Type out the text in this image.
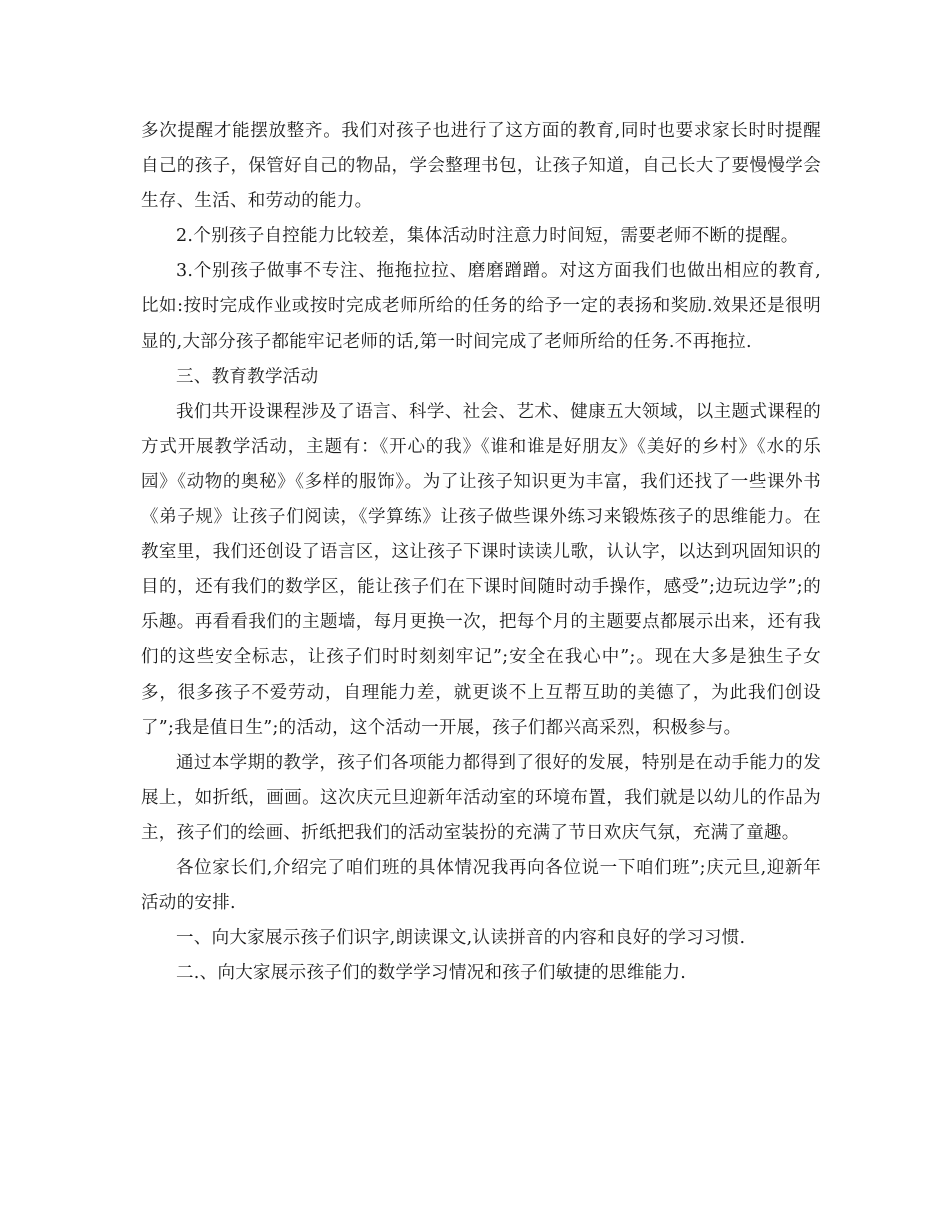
多次提醒才能摆放整齐。我们对孩子也进行了这方面的教育,同时也要求家长时时提醒自己的孩子，保管好自己的物品，学会整理书包，让孩子知道，自己长大了要慢慢学会生存、生活、和劳动的能力。

2.个别孩子自控能力比较差，集体活动时注意力时间短，需要老师不断的提醒。

3.个别孩子做事不专注、拖拖拉拉、磨磨蹭蹭。对这方面我们也做出相应的教育,比如:按时完成作业或按时完成老师所给的任务的给予一定的表扬和奖励.效果还是很明显的,大部分孩子都能牢记老师的话,第一时间完成了老师所给的任务.不再拖拉.

三、教育教学活动

我们共开设课程涉及了语言、科学、社会、艺术、健康五大领域，以主题式课程的方式开展教学活动，主题有：《开心的我》《谁和谁是好朋友》《美好的乡村》《水的乐园》《动物的奥秘》《多样的服饰》。为了让孩子知识更为丰富，我们还找了一些课外书《弟子规》让孩子们阅读，《学算练》让孩子做些课外练习来锻炼孩子的思维能力。在教室里，我们还创设了语言区，这让孩子下课时读读儿歌，认认字，以达到巩固知识的目的，还有我们的数学区，能让孩子们在下课时间随时动手操作，感受”;边玩边学”;的乐趣。再看看我们的主题墙，每月更换一次，把每个月的主题要点都展示出来，还有我们的这些安全标志，让孩子们时时刻刻牢记”;安全在我心中”;。现在大多是独生子女多，很多孩子不爱劳动，自理能力差，就更谈不上互帮互助的美德了，为此我们创设了”;我是值日生”;的活动，这个活动一开展，孩子们都兴高采烈，积极参与。

通过本学期的教学，孩子们各项能力都得到了很好的发展，特别是在动手能力的发展上，如折纸，画画。这次庆元旦迎新年活动室的环境布置，我们就是以幼儿的作品为主，孩子们的绘画、折纸把我们的活动室装扮的充满了节日欢庆气氛，充满了童趣。

各位家长们,介绍完了咱们班的具体情况我再向各位说一下咱们班”;庆元旦,迎新年活动的安排.

一、向大家展示孩子们识字,朗读课文,认读拼音的内容和良好的学习习惯.

二.、向大家展示孩子们的数学学习情况和孩子们敏捷的思维能力.
